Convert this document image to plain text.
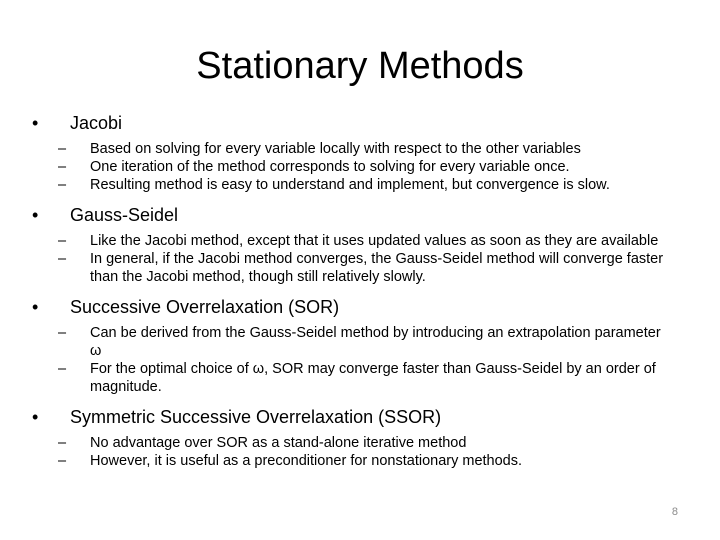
Stationary Methods
• Jacobi
– Based on solving for every variable locally with respect to the other variables
– One iteration of the method corresponds to solving for every variable once.
– Resulting method is easy to understand and implement, but convergence is slow.
• Gauss-Seidel
– Like the Jacobi method, except that it uses updated values as soon as they are available
– In general, if the Jacobi method converges, the Gauss-Seidel method will converge faster than the Jacobi method, though still relatively slowly.
• Successive Overrelaxation (SOR)
– Can be derived from the Gauss-Seidel method by introducing an extrapolation parameter ω
– For the optimal choice of ω, SOR may converge faster than Gauss-Seidel by an order of magnitude.
• Symmetric Successive Overrelaxation (SSOR)
– No advantage over SOR as a stand-alone iterative method
– However, it is useful as a preconditioner for nonstationary methods.
8
